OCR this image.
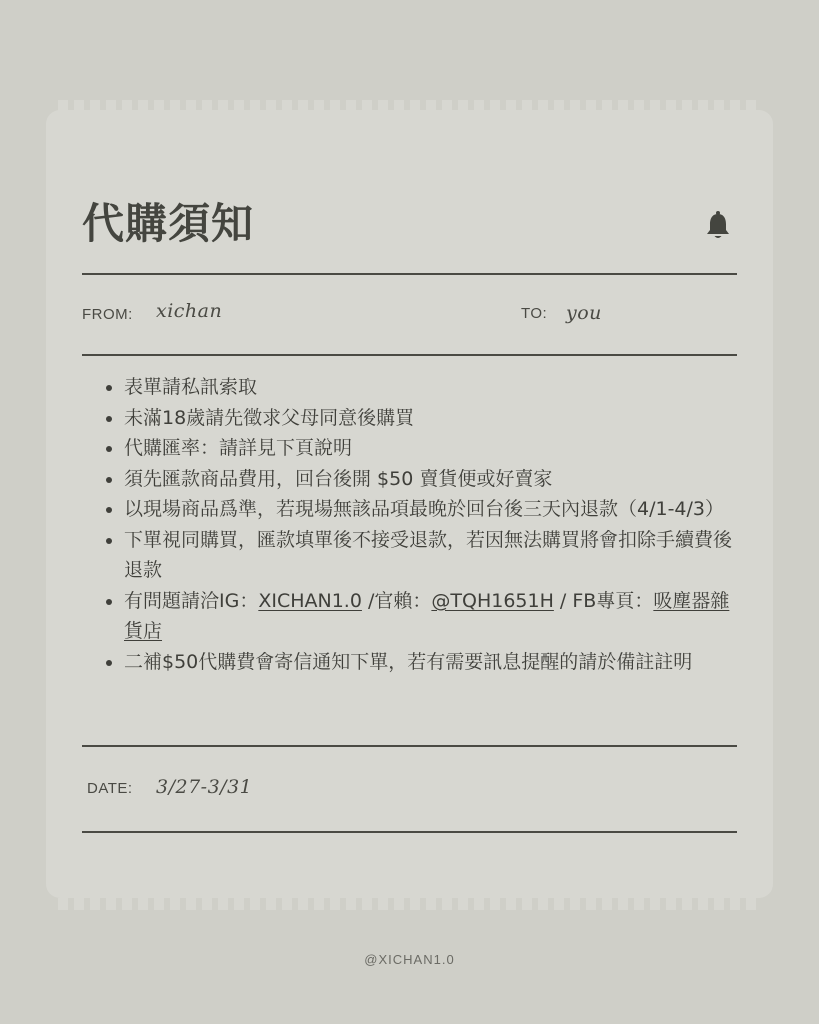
代購須知
FROM: xichan	TO: you
表單請私訊索取
未滿18歲請先徵求父母同意後購買
代購匯率：請詳見下頁說明
須先匯款商品費用，回台後開 $50 賣貨便或好賣家
以現場商品爲準，若現場無該品項最晚於回台後三天內退款（4/1-4/3）
下單視同購買，匯款填單後不接受退款，若因無法購買將會扣除手續費後退款
有問題請洽IG：XICHAN1.0 /官賴：@TQH1651H / FB專頁：吸塵器雜貨店
二補$50代購費會寄信通知下單，若有需要訊息提醒的請於備註註明
DATE: 3/27-3/31
@XICHAN1.0
